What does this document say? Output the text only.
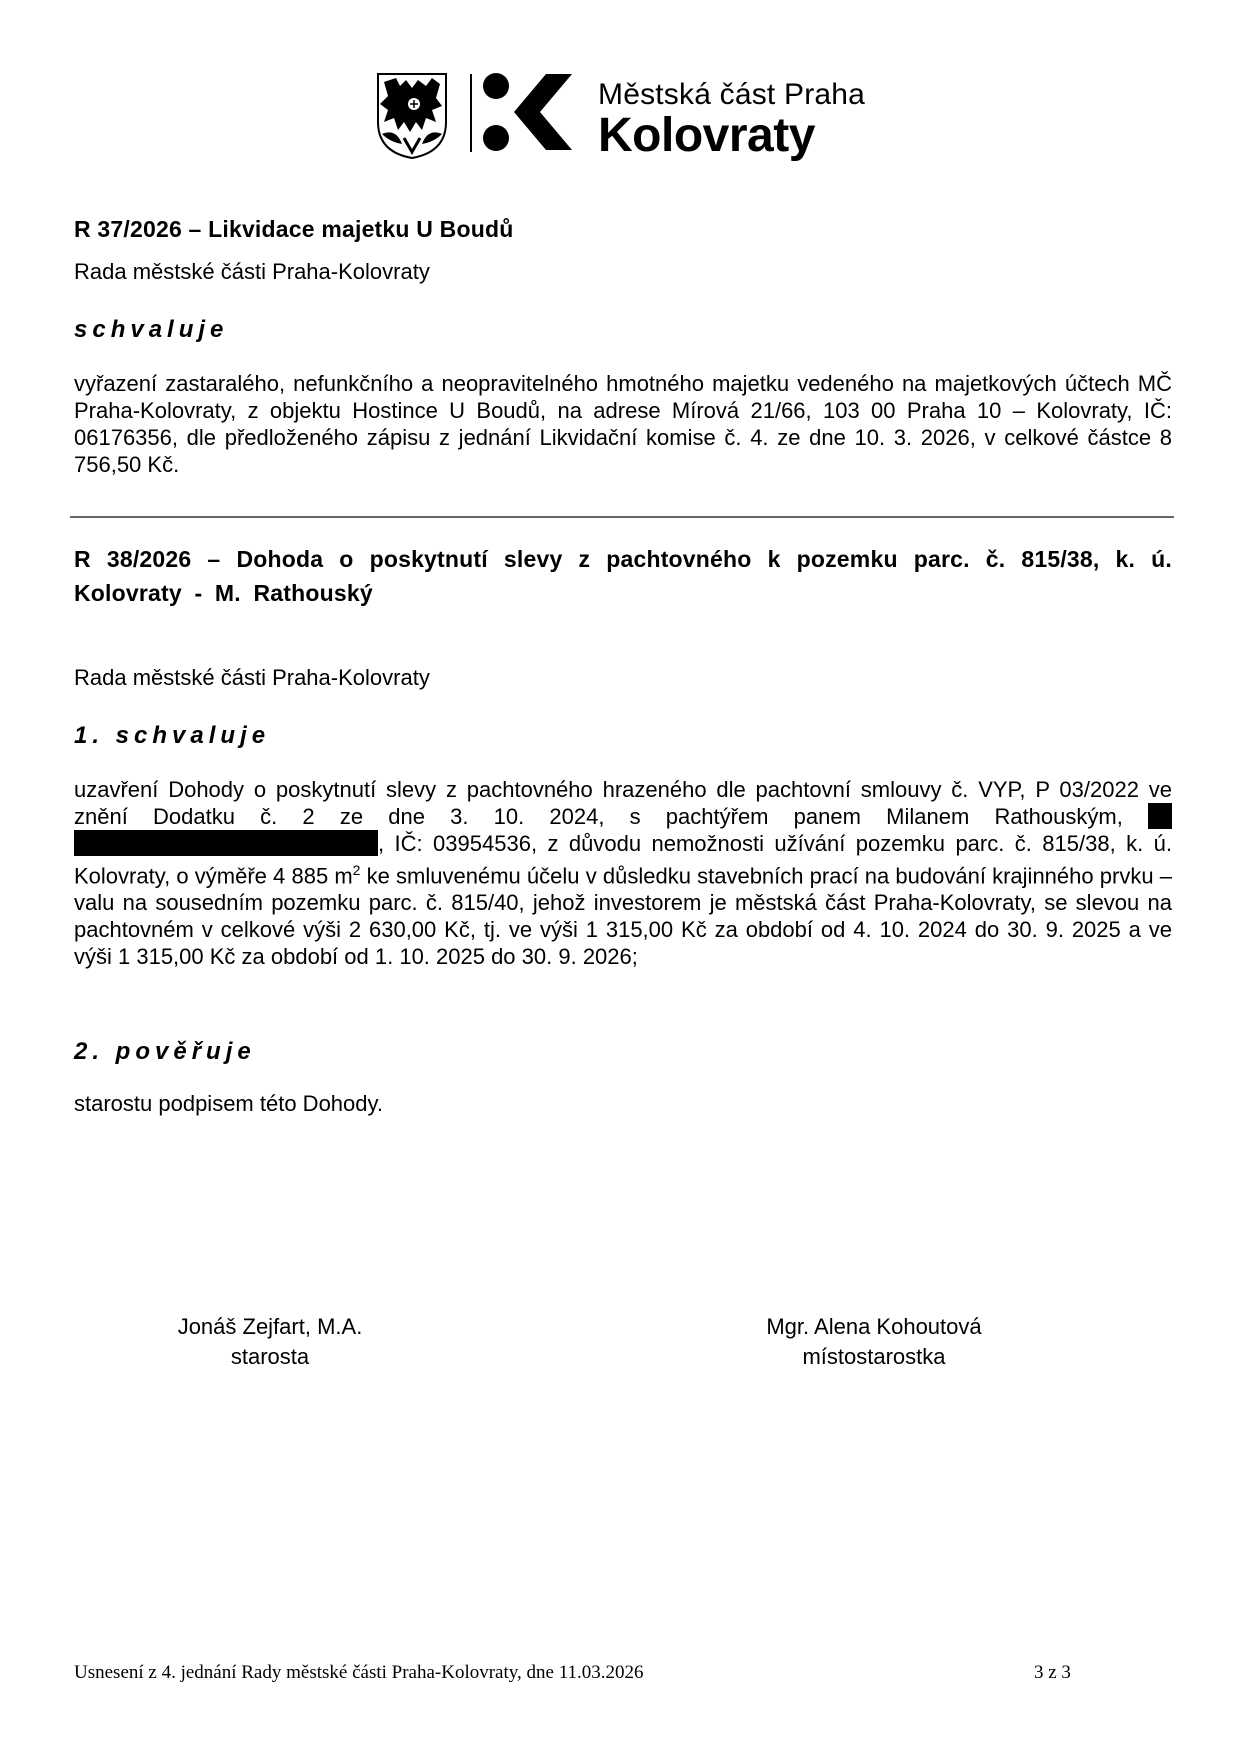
Městská část Praha
Kolovraty
R 37/2026 – Likvidace majetku U Boudů
Rada městské části Praha-Kolovraty
schvaluje
vyřazení zastaralého, nefunkčního a neopravitelného hmotného majetku vedeného na majetkových účtech MČ Praha-Kolovraty, z objektu Hostince U Boudů, na adrese Mírová 21/66, 103 00 Praha 10 – Kolovraty, IČ: 06176356, dle předloženého zápisu z jednání Likvidační komise č. 4. ze dne 10. 3. 2026, v celkové částce 8 756,50 Kč.
R 38/2026 – Dohoda o poskytnutí slevy z pachtovného k pozemku parc. č. 815/38, k. ú. Kolovraty - M. Rathouský
Rada městské části Praha-Kolovraty
1. schvaluje
uzavření Dohody o poskytnutí slevy z pachtovného hrazeného dle pachtovní smlouvy č. VYP, P 03/2022 ve znění Dodatku č. 2 ze dne 3. 10. 2024, s pachtýřem panem Milanem Rathouským,  , IČ: 03954536, z důvodu nemožnosti užívání pozemku parc. č. 815/38, k. ú. Kolovraty, o výměře 4 885 $m^2$ ke smluvenému účelu v důsledku stavebních prací na budování krajinného prvku – valu na sousedním pozemku parc. č. 815/40, jehož investorem je městská část Praha-Kolovraty, se slevou na pachtovném v celkové výši 2 630,00 Kč, tj. ve výši 1 315,00 Kč za období od 4. 10. 2024 do 30. 9. 2025 a ve výši 1 315,00 Kč za období od 1. 10. 2025 do 30. 9. 2026;
2. pověřuje
starostu podpisem této Dohody.
Jonáš Zejfart, M.A.
starosta
Mgr. Alena Kohoutová
místostarostka
Usnesení z 4. jednání Rady městské části Praha-Kolovraty, dne 11.03.2026	3 z 3
